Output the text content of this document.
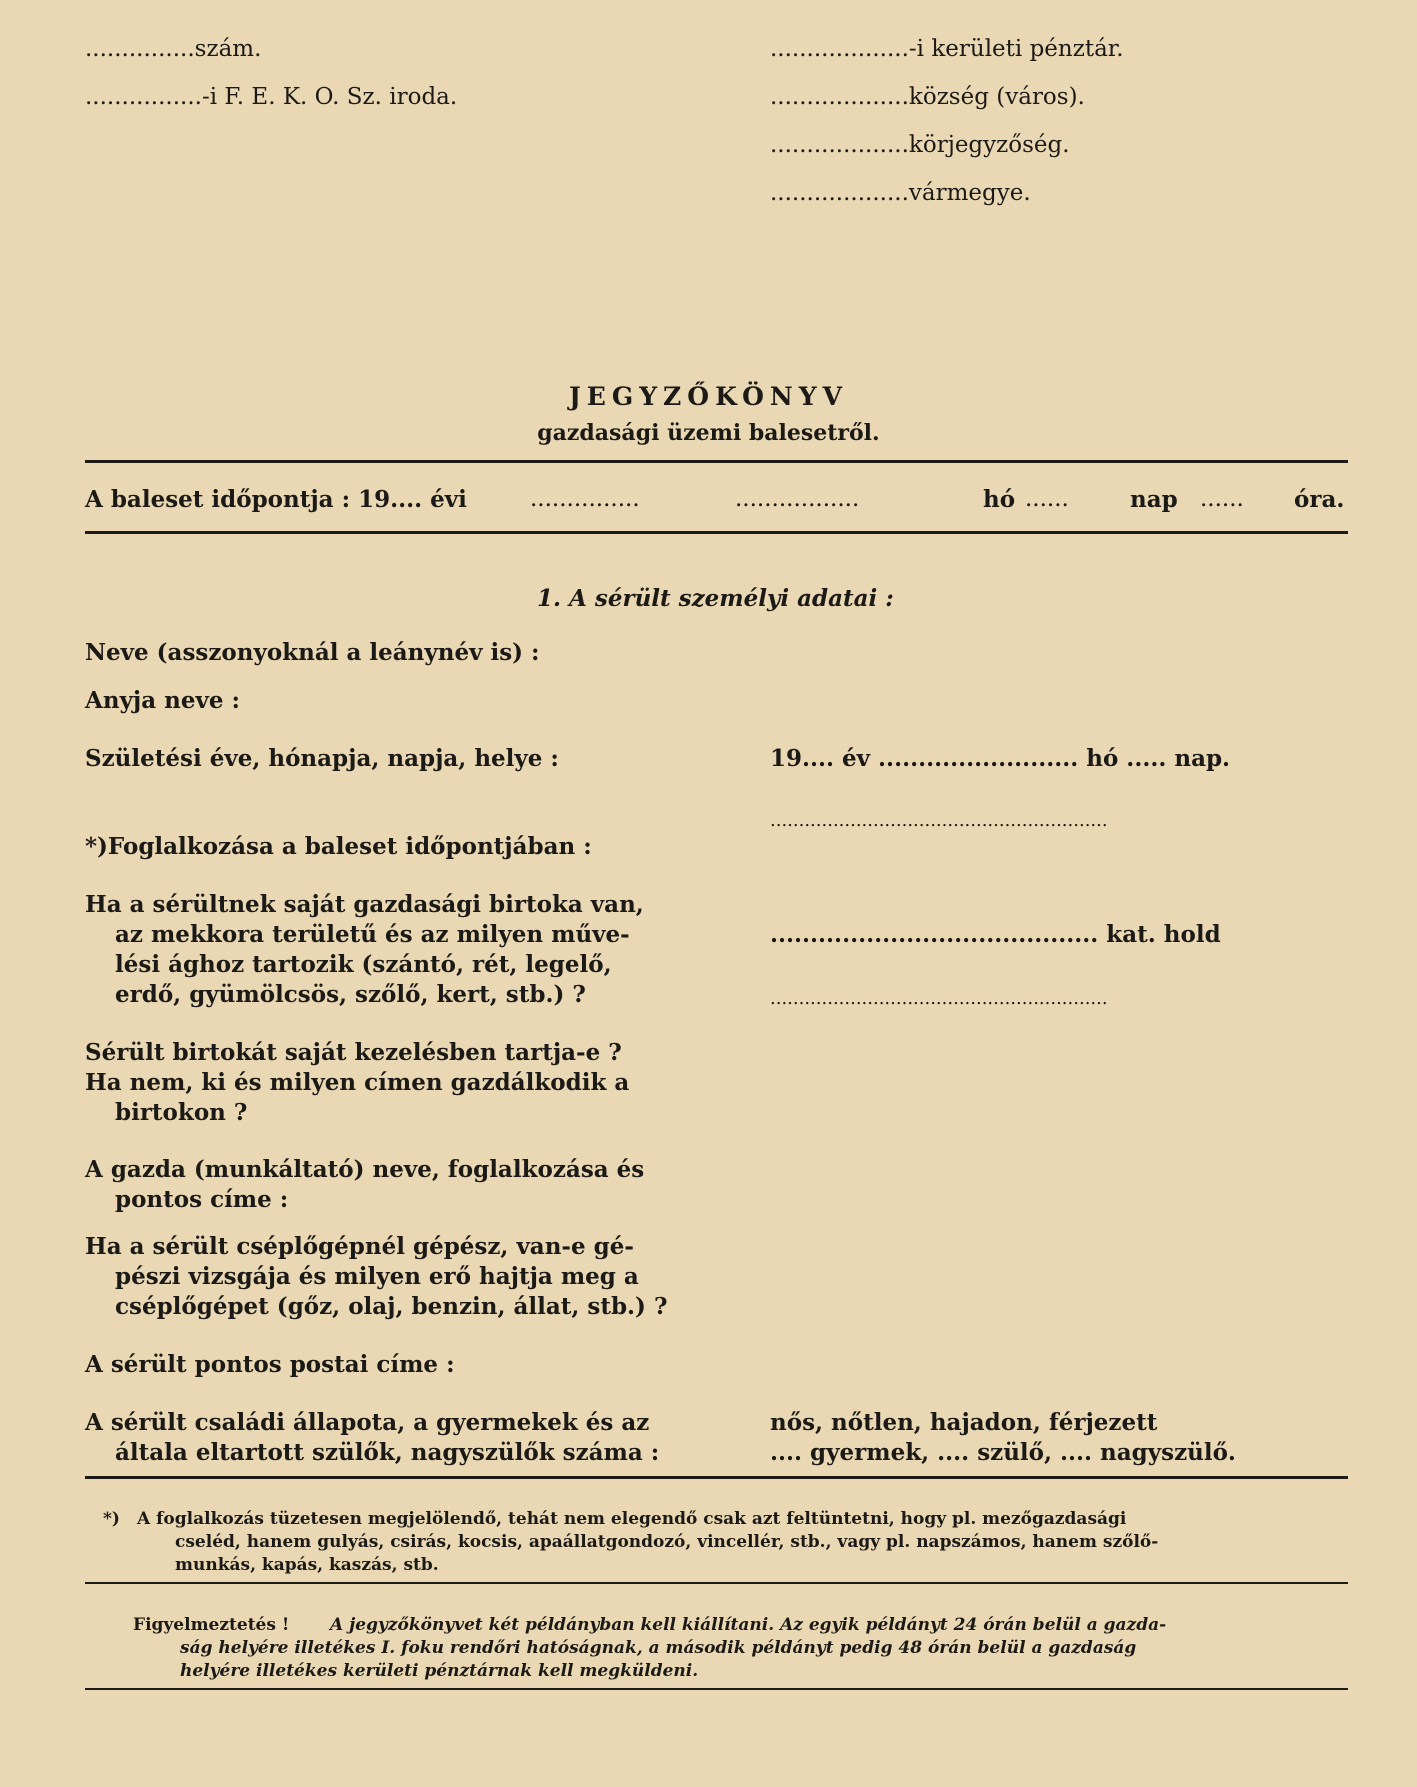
...............szám.
................-i F. E. K. O. Sz. iroda.
...................-i kerületi pénztár.
...................község (város).
...................körjegyzőség.
...................vármegye.
JEGYZŐKÖNYV
gazdasági üzemi balesetről.
A baleset időpontja : 19.... évi	...............	.................	hó ......	nap ...... óra.
1. A sérült személyi adatai :
Neve (asszonyoknál a leánynév is) :
Anyja neve :
Születési éve, hónapja, napja, helye :	19.... év ......................... hó ..... nap.
...........................................................
*)Foglalkozása a baleset időpontjában :
Ha a sérültnek saját gazdasági birtoka van,
az mekkora területű és az milyen műve-
lési ághoz tartozik (szántó, rét, legelő,
erdő, gyümölcsös, szőlő, kert, stb.) ?
......................................... kat. hold
...........................................................
Sérült birtokát saját kezelésben tartja-e ?
Ha nem, ki és milyen címen gazdálkodik a
birtokon ?
A gazda (munkáltató) neve, foglalkozása és
pontos címe :
Ha a sérült cséplőgépnél gépész, van-e gé-
pészi vizsgája és milyen erő hajtja meg a
cséplőgépet (gőz, olaj, benzin, állat, stb.) ?
A sérült pontos postai címe :
A sérült családi állapota, a gyermekek és az
általa eltartott szülők, nagyszülők száma :
nős, nőtlen, hajadon, férjezett
.... gyermek, .... szülő, .... nagyszülő.
*) A foglalkozás tüzetesen megjelölendő, tehát nem elegendő csak azt feltüntetni, hogy pl. mezőgazdasági
cseléd, hanem gulyás, csirás, kocsis, apaállatgondozó, vincellér, stb., vagy pl. napszámos, hanem szőlő-
munkás, kapás, kaszás, stb.
Figyelmeztetés ! A jegyzőkönyvet két példányban kell kiállítani. Az egyik példányt 24 órán belül a gazda-
ság helyére illetékes I. foku rendőri hatóságnak, a második példányt pedig 48 órán belül a gazdaság
helyére illetékes kerületi pénztárnak kell megküldeni.
